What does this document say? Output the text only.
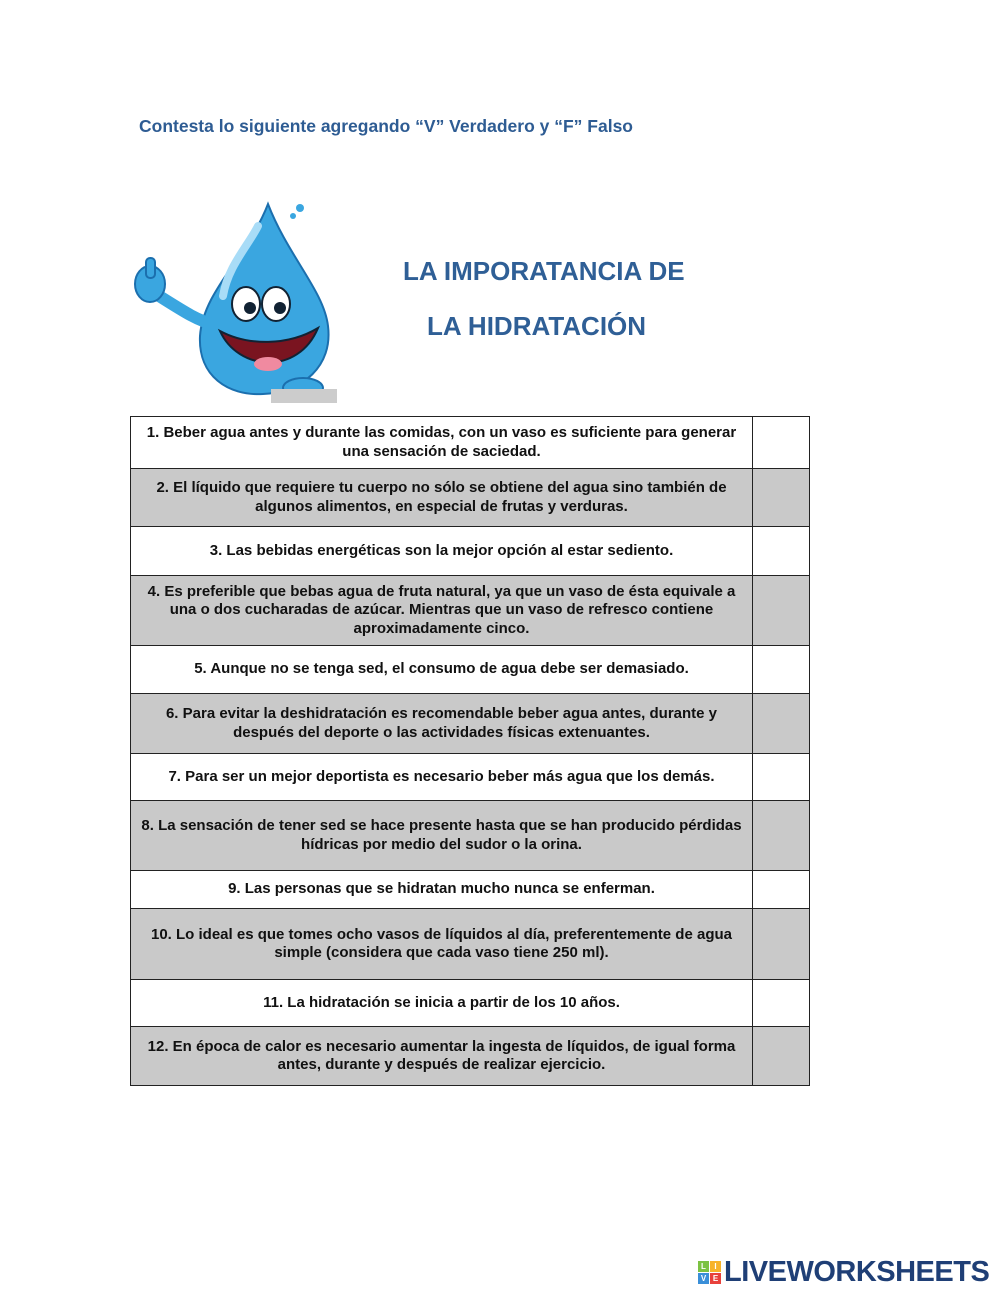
Contesta lo siguiente agregando “V” Verdadero y “F” Falso
LA IMPORATANCIA DE
LA HIDRATACIÓN
1. Beber agua antes y durante las comidas, con un vaso es suficiente para generar una sensación de saciedad.	
2. El líquido que requiere tu cuerpo no sólo se obtiene del agua sino también de algunos alimentos, en especial de frutas y verduras.	
3. Las bebidas energéticas son la mejor opción al estar sediento.	
4. Es preferible que bebas agua de fruta natural, ya que un vaso de ésta equivale a una o dos cucharadas de azúcar. Mientras que un vaso de refresco contiene aproximadamente cinco.	
5. Aunque no se tenga sed, el consumo de agua debe ser demasiado.	
6. Para evitar la deshidratación es recomendable beber agua antes, durante y después del deporte o las actividades físicas extenuantes.	
7. Para ser un mejor deportista es necesario beber más agua que los demás.	
8. La sensación de tener sed se hace presente hasta que se han producido pérdidas hídricas por medio del sudor o la orina.	
9. Las personas que se hidratan mucho nunca se enferman.	
10. Lo ideal es que tomes ocho vasos de líquidos al día, preferentemente de agua simple (considera que cada vaso tiene 250 ml).	
11. La hidratación se inicia a partir de los 10 años.	
12. En época de calor es necesario aumentar la ingesta de líquidos, de igual forma antes, durante y después de realizar ejercicio.	
L	I
V E LIVEWORKSHEETS
